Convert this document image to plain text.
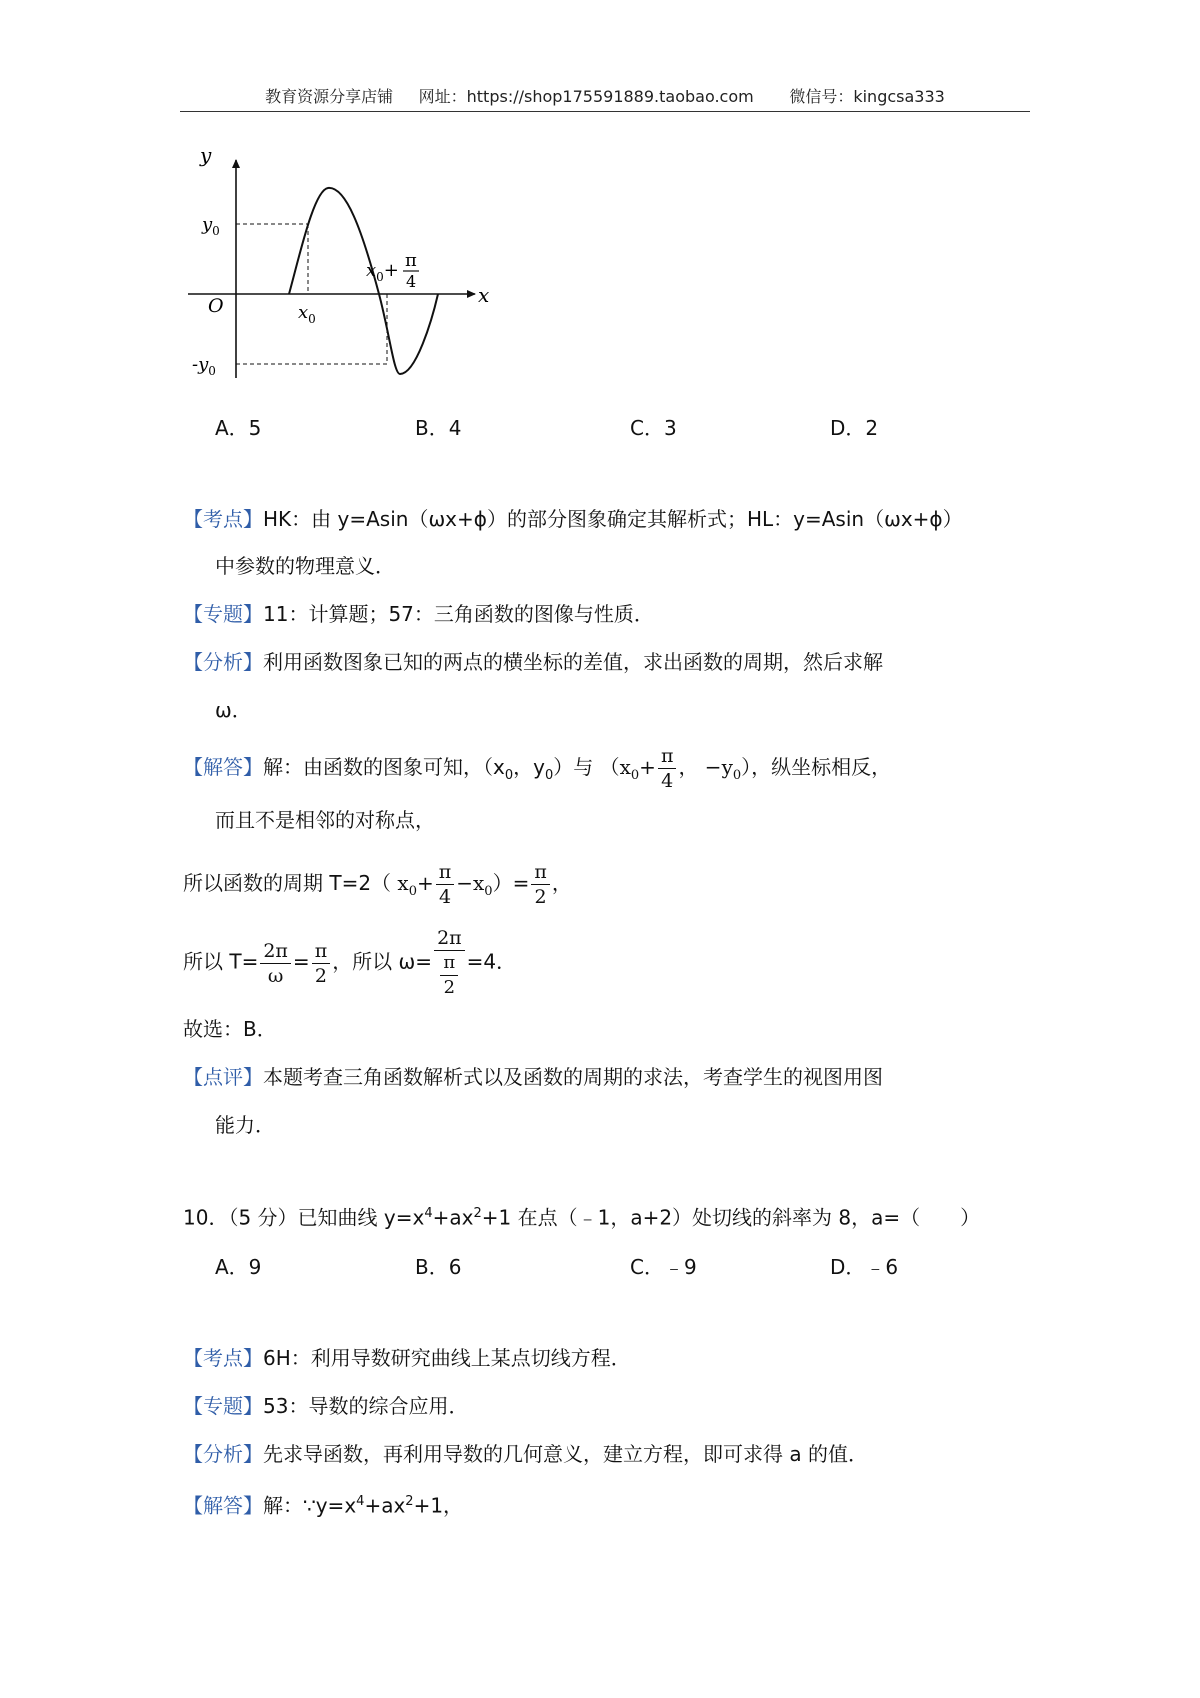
教育资源分享店铺 网址：https://shop175591889.taobao.com 微信号：kingcsa333
y
x
O
$y_0$
$-y_0$
$x_0$
$x_0+ \pi$
4
A．5	B．4	C．3	D．2
【考点】HK：由 y=Asin（ωx+ϕ）的部分图象确定其解析式；HL：y=Asin（ωx+ϕ）
中参数的物理意义．
【专题】11：计算题；57：三角函数的图像与性质．
【分析】利用函数图象已知的两点的横坐标的差值，求出函数的周期，然后求解
ω．
【解答】解：由函数的图象可知，（$x_0$，$y_0$）与 （$x_0+ \frac{\pi}{4}$ ， $-y_0$），纵坐标相反，
而且不是相邻的对称点，
所以函数的周期 T=2（ $x_0+ \frac{\pi}{4} -x_0)= \frac{\pi}{2}$ ，
所以 $T= \frac{2\pi}{\omega} = \frac{\pi}{2}$ ，所以 $\omega= \frac{2\pi}{\frac{\pi}{2}} =4$．
故选：B．
【点评】本题考查三角函数解析式以及函数的周期的求法，考查学生的视图用图
能力．
10．（5 分）已知曲线 $y=x^4+ax^2+1$ 在点（﹣1，a+2）处切线的斜率为 8，a=（　　）
A．9	B．6	C．﹣9	D．﹣6
【考点】6H：利用导数研究曲线上某点切线方程．
【专题】53：导数的综合应用．
【分析】先求导函数，再利用导数的几何意义，建立方程，即可求得 a 的值．
【解答】解：$\because y=x^4+ax^2+1$，
